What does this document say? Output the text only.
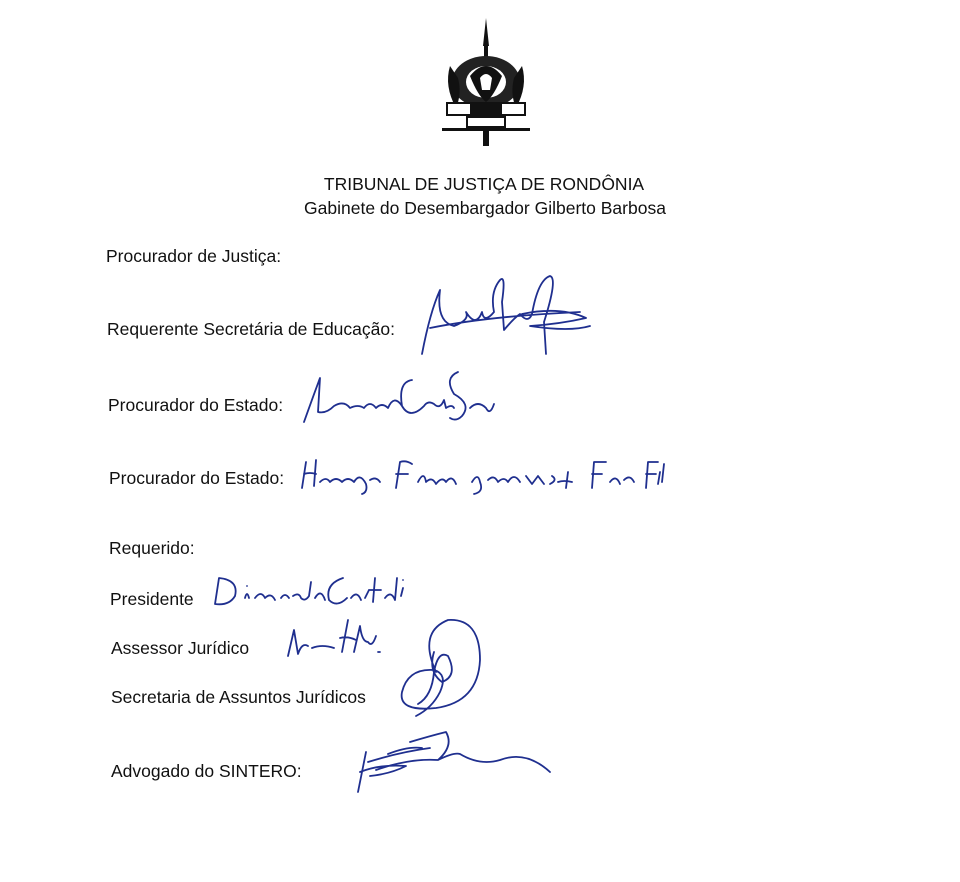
TRIBUNAL DE JUSTIÇA DE RONDÔNIA
Gabinete do Desembargador Gilberto Barbosa
Procurador de Justiça:
Requerente Secretária de Educação:
Procurador do Estado:
Procurador do Estado:
Requerido:
Presidente
Assessor Jurídico
Secretaria de Assuntos Jurídicos
Advogado do SINTERO:
